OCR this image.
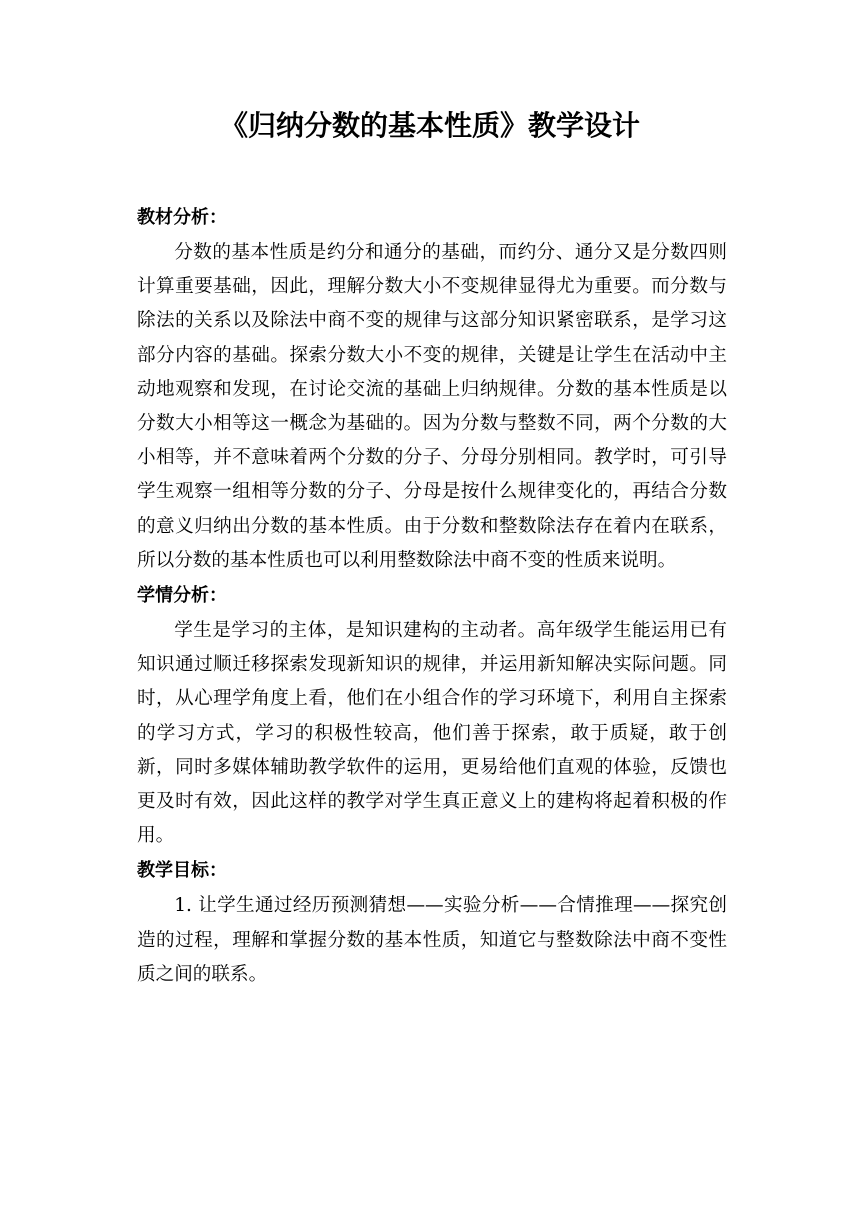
《归纳分数的基本性质》教学设计

教材分析：

分数的基本性质是约分和通分的基础，而约分、通分又是分数四则计算重要基础，因此，理解分数大小不变规律显得尤为重要。而分数与除法的关系以及除法中商不变的规律与这部分知识紧密联系，是学习这部分内容的基础。探索分数大小不变的规律，关键是让学生在活动中主动地观察和发现，在讨论交流的基础上归纳规律。分数的基本性质是以分数大小相等这一概念为基础的。因为分数与整数不同，两个分数的大小相等，并不意味着两个分数的分子、分母分别相同。教学时，可引导学生观察一组相等分数的分子、分母是按什么规律变化的，再结合分数的意义归纳出分数的基本性质。由于分数和整数除法存在着内在联系，所以分数的基本性质也可以利用整数除法中商不变的性质来说明。

学情分析：

学生是学习的主体，是知识建构的主动者。高年级学生能运用已有知识通过顺迁移探索发现新知识的规律，并运用新知解决实际问题。同时，从心理学角度上看，他们在小组合作的学习环境下，利用自主探索的学习方式，学习的积极性较高，他们善于探索，敢于质疑，敢于创新，同时多媒体辅助教学软件的运用，更易给他们直观的体验，反馈也更及时有效，因此这样的教学对学生真正意义上的建构将起着积极的作用。

教学目标：

1. 让学生通过经历预测猜想——实验分析——合情推理——探究创造的过程，理解和掌握分数的基本性质，知道它与整数除法中商不变性质之间的联系。
